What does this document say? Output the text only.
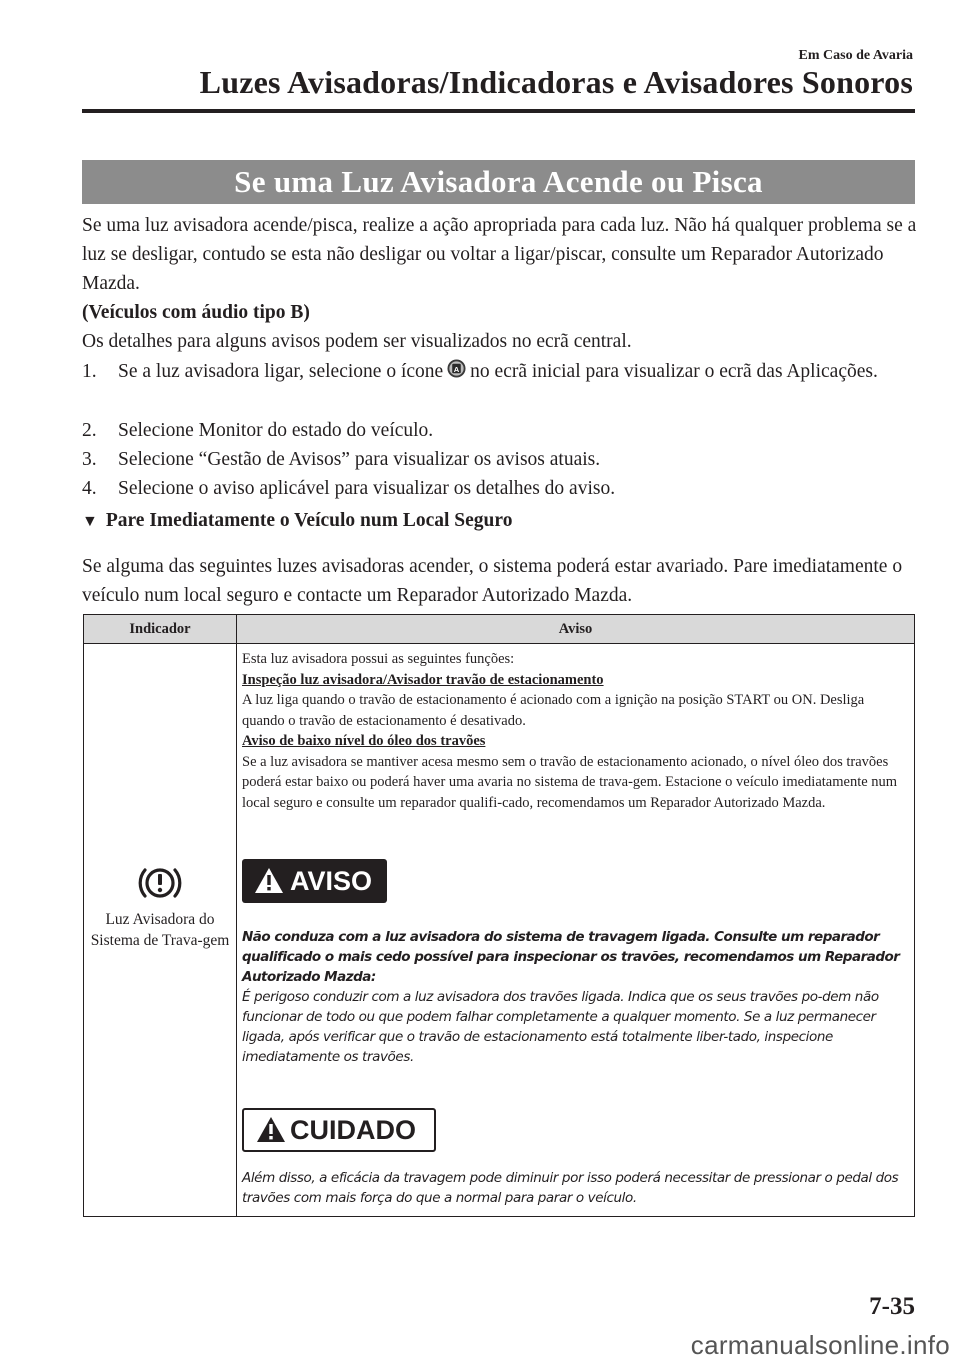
Em Caso de Avaria
Luzes Avisadoras/Indicadoras e Avisadores Sonoros
Se uma Luz Avisadora Acende ou Pisca
Se uma luz avisadora acende/pisca, realize a ação apropriada para cada luz. Não há qualquer problema se a luz se desligar, contudo se esta não desligar ou voltar a ligar/piscar, consulte um Reparador Autorizado Mazda.
(Veículos com áudio tipo B)
Os detalhes para alguns avisos podem ser visualizados no ecrã central.
1. Se a luz avisadora ligar, selecione o ícone A no ecrã inicial para visualizar o ecrã das Aplicações.
2. Selecione Monitor do estado do veículo.
3. Selecione “Gestão de Avisos” para visualizar os avisos atuais.
4. Selecione o aviso aplicável para visualizar os detalhes do aviso.
▼ Pare Imediatamente o Veículo num Local Seguro
Se alguma das seguintes luzes avisadoras acender, o sistema poderá estar avariado. Pare imediatamente o veículo num local seguro e contacte um Reparador Autorizado Mazda.
Indicador	Aviso
Luz Avisadora do Sistema de Trava-gem
Esta luz avisadora possui as seguintes funções:
Inspeção luz avisadora/Avisador travão de estacionamento
A luz liga quando o travão de estacionamento é acionado com a ignição na posição START ou ON. Desliga quando o travão de estacionamento é desativado.
Aviso de baixo nível do óleo dos travões
Se a luz avisadora se mantiver acesa mesmo sem o travão de estacionamento acionado, o nível óleo dos travões poderá estar baixo ou poderá haver uma avaria no sistema de trava-gem. Estacione o veículo imediatamente num local seguro e consulte um reparador qualifi-cado, recomendamos um Reparador Autorizado Mazda.
AVISO
Não conduza com a luz avisadora do sistema de travagem ligada. Consulte um reparador qualificado o mais cedo possível para inspecionar os travões, recomendamos um Reparador Autorizado Mazda:
É perigoso conduzir com a luz avisadora dos travões ligada. Indica que os seus travões po-dem não funcionar de todo ou que podem falhar completamente a qualquer momento. Se a luz permanecer ligada, após verificar que o travão de estacionamento está totalmente liber-tado, inspecione imediatamente os travões.
CUIDADO
Além disso, a eficácia da travagem pode diminuir por isso poderá necessitar de pressionar o pedal dos travões com mais força do que a normal para parar o veículo.
7-35
carmanualsonline.info
